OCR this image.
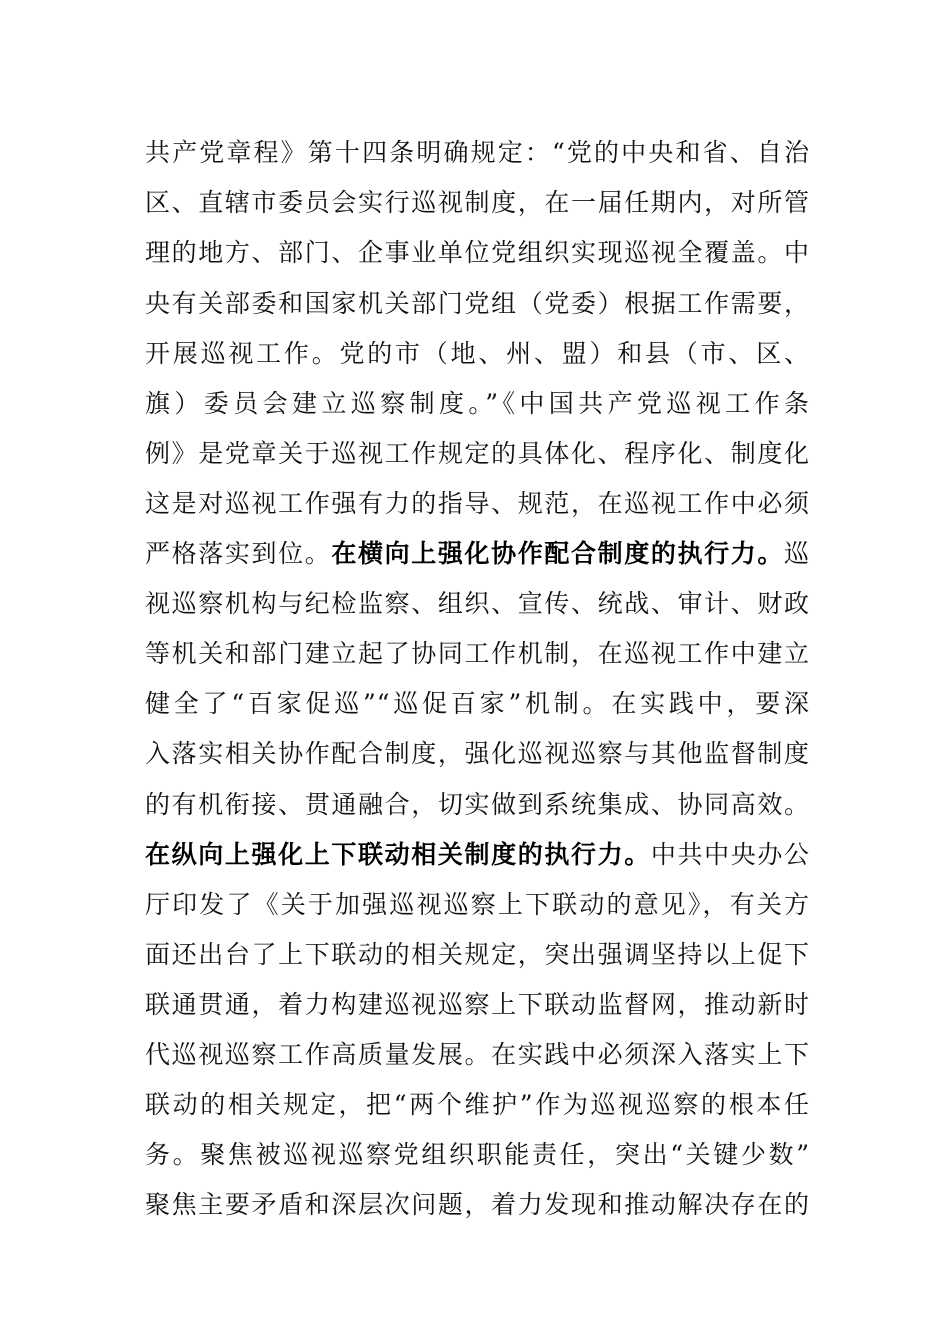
共产党章程》第十四条明确规定：“党的中央和省、自治
区、直辖市委员会实行巡视制度，在一届任期内，对所管
理的地方、部门、企事业单位党组织实现巡视全覆盖。中
央有关部委和国家机关部门党组（党委）根据工作需要，
开展巡视工作。党的市（地、州、盟）和县（市、区、
旗）委员会建立巡察制度。”《中国共产党巡视工作条
例》是党章关于巡视工作规定的具体化、程序化、制度化
这是对巡视工作强有力的指导、规范，在巡视工作中必须
严格落实到位。在横向上强化协作配合制度的执行力。巡
视巡察机构与纪检监察、组织、宣传、统战、审计、财政
等机关和部门建立起了协同工作机制，在巡视工作中建立
健全了“百家促巡”“巡促百家”机制。在实践中，要深
入落实相关协作配合制度，强化巡视巡察与其他监督制度
的有机衔接、贯通融合，切实做到系统集成、协同高效。
在纵向上强化上下联动相关制度的执行力。中共中央办公
厅印发了《关于加强巡视巡察上下联动的意见》，有关方
面还出台了上下联动的相关规定，突出强调坚持以上促下
联通贯通，着力构建巡视巡察上下联动监督网，推动新时
代巡视巡察工作高质量发展。在实践中必须深入落实上下
联动的相关规定，把“两个维护”作为巡视巡察的根本任
务。聚焦被巡视巡察党组织职能责任，突出“关键少数”
聚焦主要矛盾和深层次问题，着力发现和推动解决存在的
